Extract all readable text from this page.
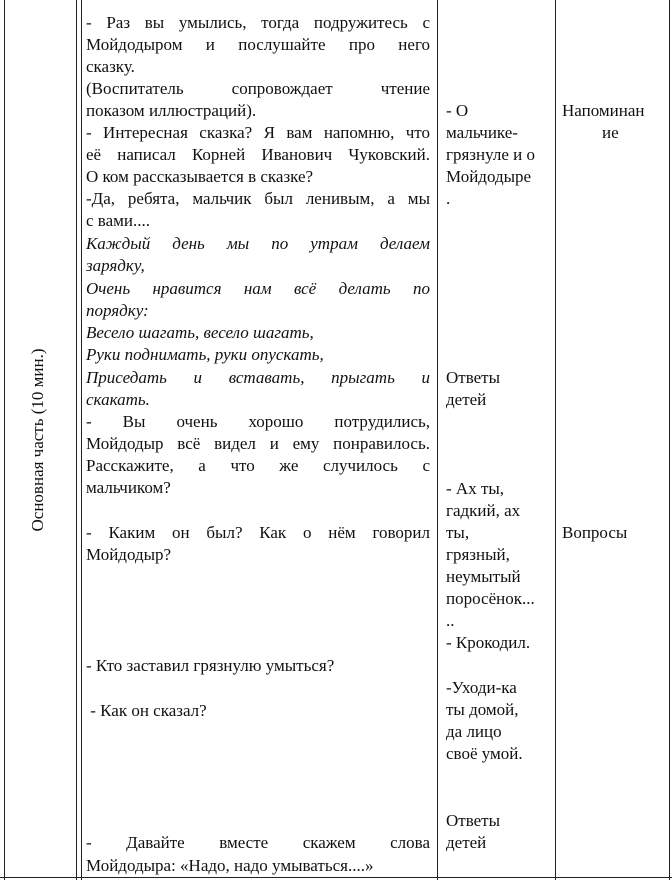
Основная часть (10 мин.)
- Раз вы умылись, тогда подружитесь с
Мойдодыром и послушайте про него
сказку.
(Воспитатель сопровождает чтение
показом иллюстраций).
- Интересная сказка? Я вам напомню, что
её написал Корней Иванович Чуковский.
О ком рассказывается в сказке?
-Да, ребята, мальчик был ленивым, а мы
с вами....
Каждый день мы по утрам делаем
зарядку,
Очень нравится нам всё делать по
порядку:
Весело шагать, весело шагать,
Руки поднимать, руки опускать,
Приседать и вставать, прыгать и
скакать.
- Вы очень хорошо потрудились,
Мойдодыр всё видел и ему понравилось.
Расскажите, а что же случилось с
мальчиком?
- Каким он был? Как о нём говорил
Мойдодыр?
- Кто заставил грязнулю умыться?
- Как он сказал?
- Давайте вместе скажем слова
Мойдодыра: «Надо, надо умываться....»
- О
мальчике-
грязнуле и о
Мойдодыре
.
Ответы
детей
- Ах ты,
гадкий, ах
ты,
грязный,
неумытый
поросёнок...
..
- Крокодил.
-Уходи-ка
ты домой,
да лицо
своё умой.
Ответы
детей
Напоминан
ие
Вопросы
